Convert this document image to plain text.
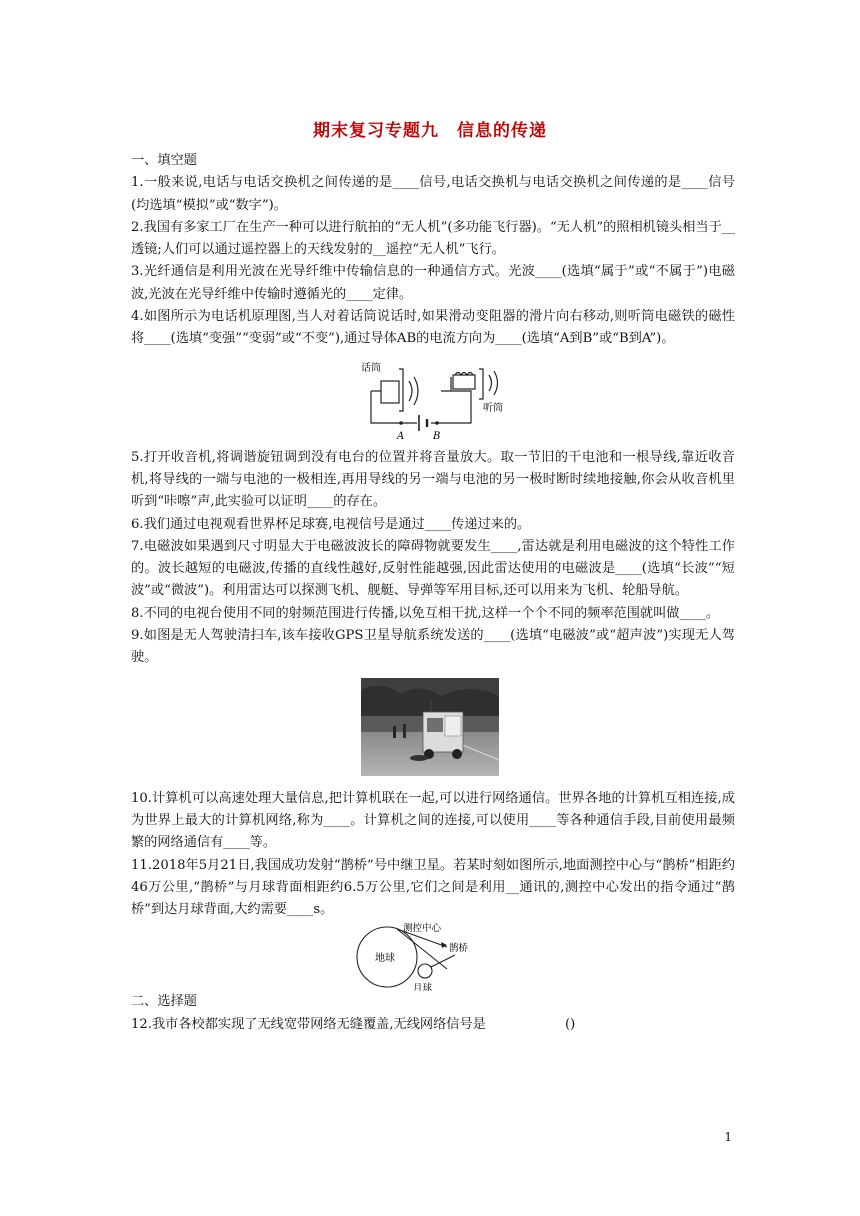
期末复习专题九　信息的传递

一、填空题

1.一般来说,电话与电话交换机之间传递的是____信号,电话交换机与电话交换机之间传递的是____信号(均选填“模拟”或“数字”)。

2.我国有多家工厂在生产一种可以进行航拍的“无人机”(多功能飞行器)。“无人机”的照相机镜头相当于__透镜;人们可以通过遥控器上的天线发射的__遥控“无人机”飞行。

3.光纤通信是利用光波在光导纤维中传输信息的一种通信方式。光波____(选填“属于”或“不属于”)电磁波,光波在光导纤维中传输时遵循光的____定律。

4.如图所示为电话机原理图,当人对着话筒说话时,如果滑动变阻器的滑片向右移动,则听筒电磁铁的磁性将____(选填“变强”“变弱”或“不变”),通过导体AB的电流方向为____(选填“A到B”或“B到A”)。

话筒
听筒
A	B

5.打开收音机,将调谐旋钮调到没有电台的位置并将音量放大。取一节旧的干电池和一根导线,靠近收音机,将导线的一端与电池的一极相连,再用导线的另一端与电池的另一极时断时续地接触,你会从收音机里听到“咔嚓”声,此实验可以证明____的存在。

6.我们通过电视观看世界杯足球赛,电视信号是通过____传递过来的。

7.电磁波如果遇到尺寸明显大于电磁波波长的障碍物就要发生____,雷达就是利用电磁波的这个特性工作的。波长越短的电磁波,传播的直线性越好,反射性能越强,因此雷达使用的电磁波是____(选填“长波”“短波”或“微波”)。利用雷达可以探测飞机、舰艇、导弹等军用目标,还可以用来为飞机、轮船导航。

8.不同的电视台使用不同的射频范围进行传播,以免互相干扰,这样一个个不同的频率范围就叫做____。

9.如图是无人驾驶清扫车,该车接收GPS卫星导航系统发送的____(选填“电磁波”或“超声波”)实现无人驾驶。

10.计算机可以高速处理大量信息,把计算机联在一起,可以进行网络通信。世界各地的计算机互相连接,成为世界上最大的计算机网络,称为____。计算机之间的连接,可以使用____等各种通信手段,目前使用最频繁的网络通信有____等。

11.2018年5月21日,我国成功发射“鹊桥”号中继卫星。若某时刻如图所示,地面测控中心与“鹊桥”相距约46万公里,“鹊桥”与月球背面相距约6.5万公里,它们之间是利用__通讯的,测控中心发出的指令通过“鹊桥”到达月球背面,大约需要____s。

地球
测控中心
鹊桥
月球

二、选择题

12.我市各校都实现了无线宽带网络无缝覆盖,无线网络信号是　　　　　　()

1
